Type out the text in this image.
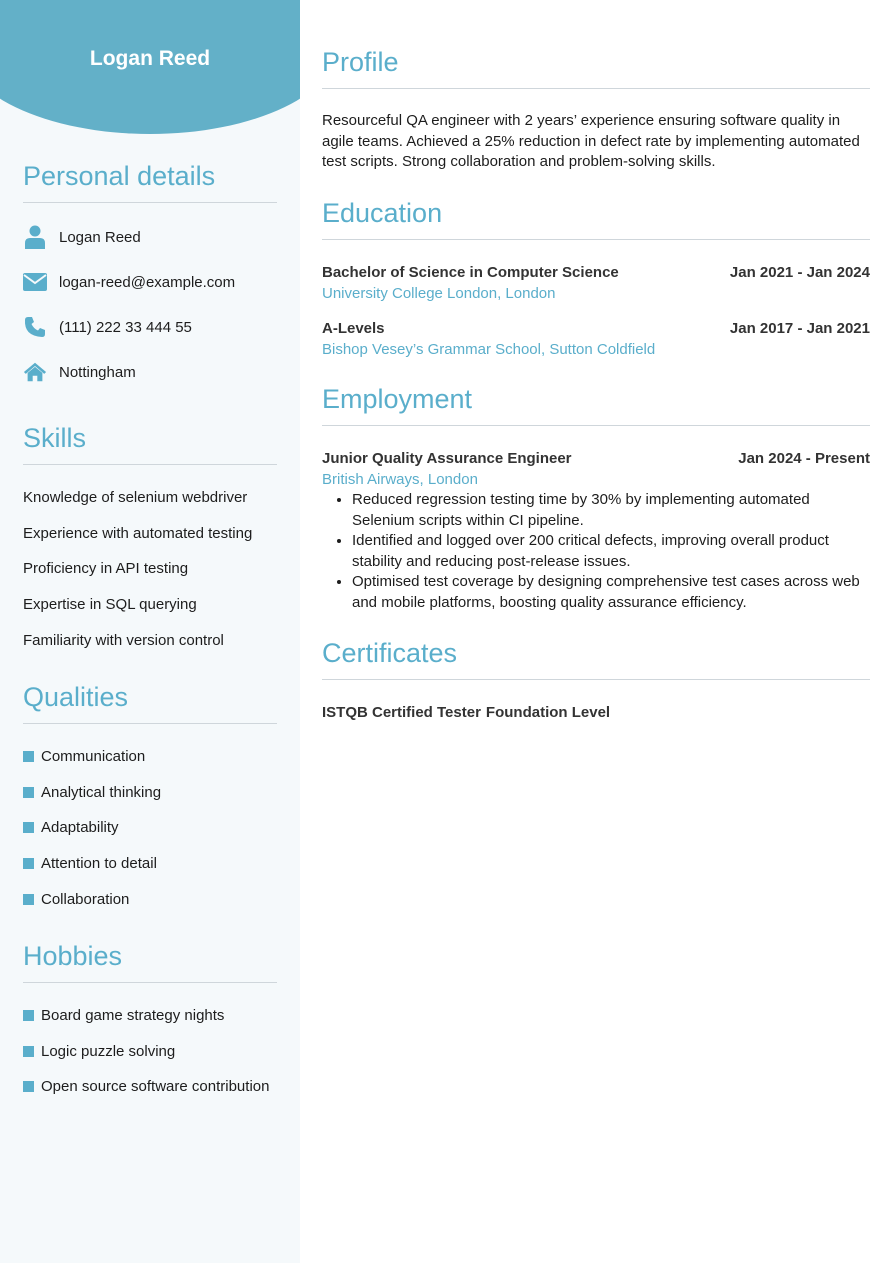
Logan Reed
Personal details
Logan Reed
logan-reed@example.com
(111) 222 33 444 55
Nottingham
Skills
Knowledge of selenium webdriver
Experience with automated testing
Proficiency in API testing
Expertise in SQL querying
Familiarity with version control
Qualities
Communication
Analytical thinking
Adaptability
Attention to detail
Collaboration
Hobbies
Board game strategy nights
Logic puzzle solving
Open source software contribution
Profile

Resourceful QA engineer with 2 years’ experience ensuring software quality in agile teams. Achieved a 25% reduction in defect rate by implementing automated test scripts. Strong collaboration and problem-solving skills.

Education
Bachelor of Science in Computer Science	Jan 2021 - Jan 2024
University College London, London
A-Levels	Jan 2017 - Jan 2021
Bishop Vesey’s Grammar School, Sutton Coldfield
Employment
Junior Quality Assurance Engineer	Jan 2024 - Present
British Airways, London
• Reduced regression testing time by 30% by implementing automated Selenium scripts within CI pipeline.
• Identified and logged over 200 critical defects, improving overall product stability and reducing post-release issues.
• Optimised test coverage by designing comprehensive test cases across web and mobile platforms, boosting quality assurance efficiency.
Certificates
ISTQB Certified Tester Foundation Level
